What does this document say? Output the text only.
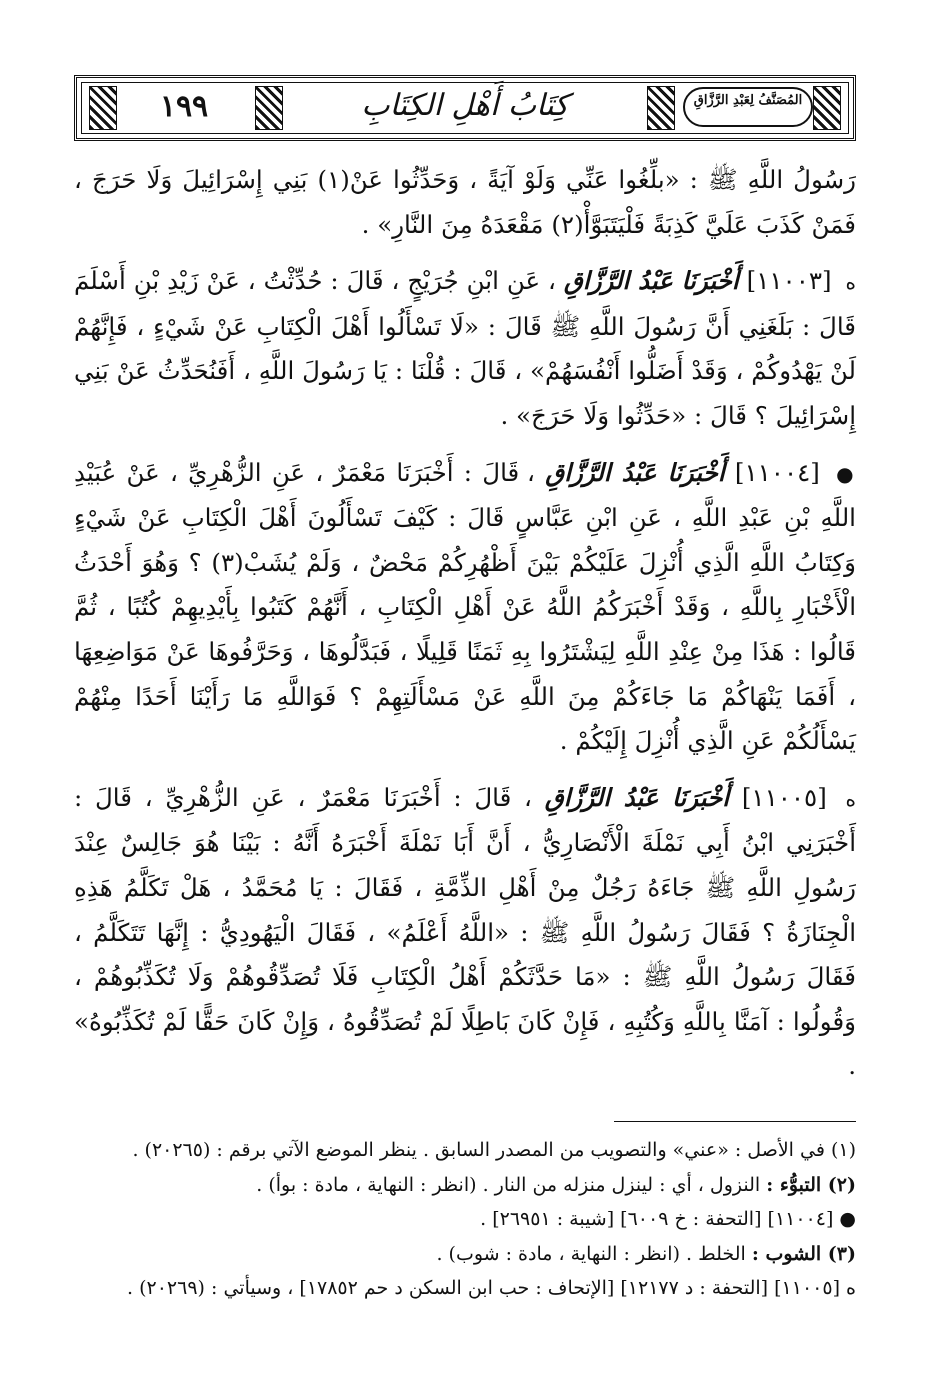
١٩٩	كِتَابُ أَهْلِ الكِتَابِ	المُصَنَّفُ لِعَبْدِ الرَّزَّاقِ

رَسُولُ اللَّهِ ﷺ : «بلِّغُوا عَنِّي وَلَوْ آيَةً ، وَحَدِّثُوا عَنْ(١) بَنِي إِسْرَائِيلَ وَلَا حَرَجَ ، فَمَنْ كَذَبَ عَلَيَّ كَذِبَةً فَلْيَتَبَوَّأْ(٢) مَقْعَدَهُ مِنَ النَّارِ» .

ه [١١٠٠٣] أَخْبَرَنَا عَبْدُ الرَّزَّاقِ ، عَنِ ابْنِ جُرَيْجٍ ، قَالَ : حُدِّثْتُ ، عَنْ زَيْدِ بْنِ أَسْلَمَ قَالَ : بَلَغَنِي أَنَّ رَسُولَ اللَّهِ ﷺ قَالَ : «لَا تَسْأَلُوا أَهْلَ الْكِتَابِ عَنْ شَيْءٍ ، فَإِنَّهُمْ لَنْ يَهْدُوكُمْ ، وَقَدْ أَضَلُّوا أَنْفُسَهُمْ» ، قَالَ : قُلْنَا : يَا رَسُولَ اللَّهِ ، أَفَنُحَدِّثُ عَنْ بَنِي إِسْرَائِيلَ ؟ قَالَ : «حَدِّثُوا وَلَا حَرَجَ» .

● [١١٠٠٤] أَخْبَرَنَا عَبْدُ الرَّزَّاقِ ، قَالَ : أَخْبَرَنَا مَعْمَرٌ ، عَنِ الزُّهْرِيِّ ، عَنْ عُبَيْدِ اللَّهِ بْنِ عَبْدِ اللَّهِ ، عَنِ ابْنِ عَبَّاسٍ قَالَ : كَيْفَ تَسْأَلُونَ أَهْلَ الْكِتَابِ عَنْ شَيْءٍ وَكِتَابُ اللَّهِ الَّذِي أُنْزِلَ عَلَيْكُمْ بَيْنَ أَظْهُرِكُمْ مَحْضٌ ، وَلَمْ يُشَبْ(٣) ؟ وَهُوَ أَحْدَثُ الْأَخْبَارِ بِاللَّهِ ، وَقَدْ أَخْبَرَكُمُ اللَّهُ عَنْ أَهْلِ الْكِتَابِ ، أَنَّهُمْ كَتَبُوا بِأَيْدِيهِمْ كُتُبًا ، ثُمَّ قَالُوا : هَذَا مِنْ عِنْدِ اللَّهِ لِيَشْتَرُوا بِهِ ثَمَنًا قَلِيلًا ، فَبَدَّلُوهَا ، وَحَرَّفُوهَا عَنْ مَوَاضِعِهَا ، أَفَمَا يَنْهَاكُمْ مَا جَاءَكُمْ مِنَ اللَّهِ عَنْ مَسْأَلَتِهِمْ ؟ فَوَاللَّهِ مَا رَأَيْنَا أَحَدًا مِنْهُمْ يَسْأَلُكُمْ عَنِ الَّذِي أُنْزِلَ إِلَيْكُمْ .

ه [١١٠٠٥] أَخْبَرَنَا عَبْدُ الرَّزَّاقِ ، قَالَ : أَخْبَرَنَا مَعْمَرٌ ، عَنِ الزُّهْرِيِّ ، قَالَ : أَخْبَرَنِي ابْنُ أَبِي نَمْلَةَ الْأَنْصَارِيُّ ، أَنَّ أَبَا نَمْلَةَ أَخْبَرَهُ أَنَّهُ : بَيْنَا هُوَ جَالِسٌ عِنْدَ رَسُولِ اللَّهِ ﷺ جَاءَهُ رَجُلٌ مِنْ أَهْلِ الذِّمَّةِ ، فَقَالَ : يَا مُحَمَّدُ ، هَلْ تَكَلَّمُ هَذِهِ الْجِنَازَةُ ؟ فَقَالَ رَسُولُ اللَّهِ ﷺ : «اللَّهُ أَعْلَمُ» ، فَقَالَ الْيَهُودِيُّ : إِنَّهَا تَتَكَلَّمُ ، فَقَالَ رَسُولُ اللَّهِ ﷺ : «مَا حَدَّثَكُمْ أَهْلُ الْكِتَابِ فَلَا تُصَدِّقُوهُمْ وَلَا تُكَذِّبُوهُمْ ، وَقُولُوا : آمَنَّا بِاللَّهِ وَكُتُبِهِ ، فَإِنْ كَانَ بَاطِلًا لَمْ تُصَدِّقُوهُ ، وَإِنْ كَانَ حَقًّا لَمْ تُكَذِّبُوهُ» .

(١) في الأصل : «عني» والتصويب من المصدر السابق . ينظر الموضع الآتي برقم : (٢٠٢٦٥) .

(٢) التبوُّء : النزول ، أي : لينزل منزله من النار . (انظر : النهاية ، مادة : بوأ) .

● [١١٠٠٤] [التحفة : خ ٦٠٠٩] [شيبة : ٢٦٩٥١] .

(٣) الشوب : الخلط . (انظر : النهاية ، مادة : شوب) .

ه [١١٠٠٥] [التحفة : د ١٢١٧٧] [الإتحاف : حب ابن السكن د حم ١٧٨٥٢] ، وسيأتي : (٢٠٢٦٩) .
